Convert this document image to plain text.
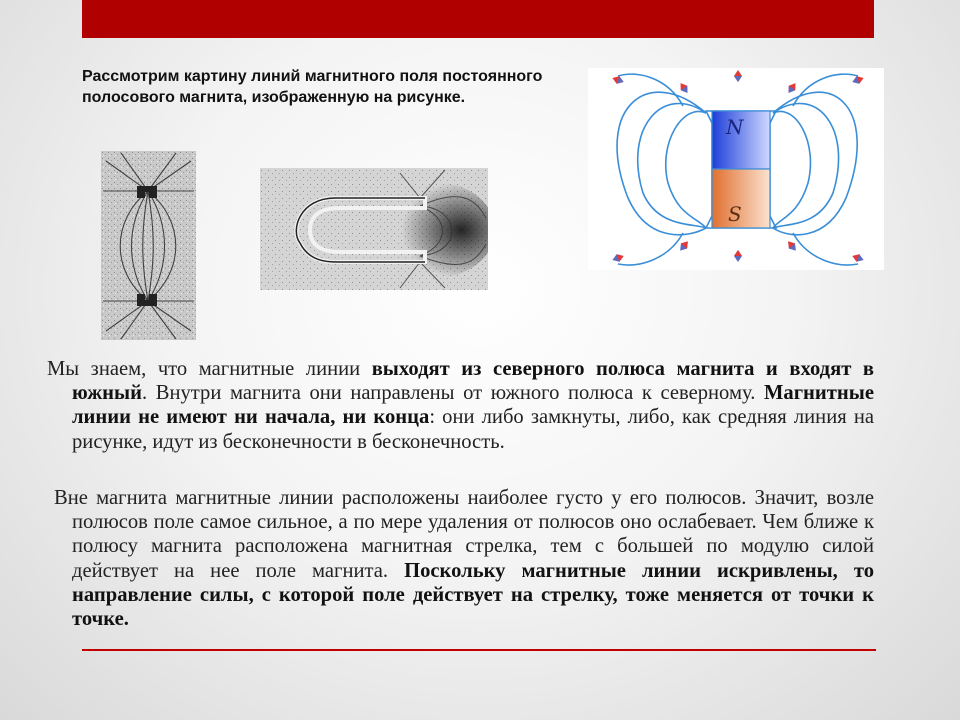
Рассмотрим картину линий магнитного поля постоянного полосового магнита, изображенную на рисунке.
N
S
Мы знаем, что магнитные линии выходят из северного полюса магнита и входят в южный. Внутри магнита они направлены от южного полюса к северному. Магнитные линии не имеют ни начала, ни конца: они либо замкнуты, либо, как средняя линия на рисунке, идут из бесконечности в бесконечность.
Вне магнита магнитные линии расположены наиболее густо у его полюсов. Значит, возле полюсов поле самое сильное, а по мере удаления от полюсов оно ослабевает. Чем ближе к полюсу магнита расположена магнитная стрелка, тем с большей по модулю силой действует на нее поле магнита. Поскольку магнитные линии искривлены, то направление силы, с которой поле действует на стрелку, тоже меняется от точки к точке.
